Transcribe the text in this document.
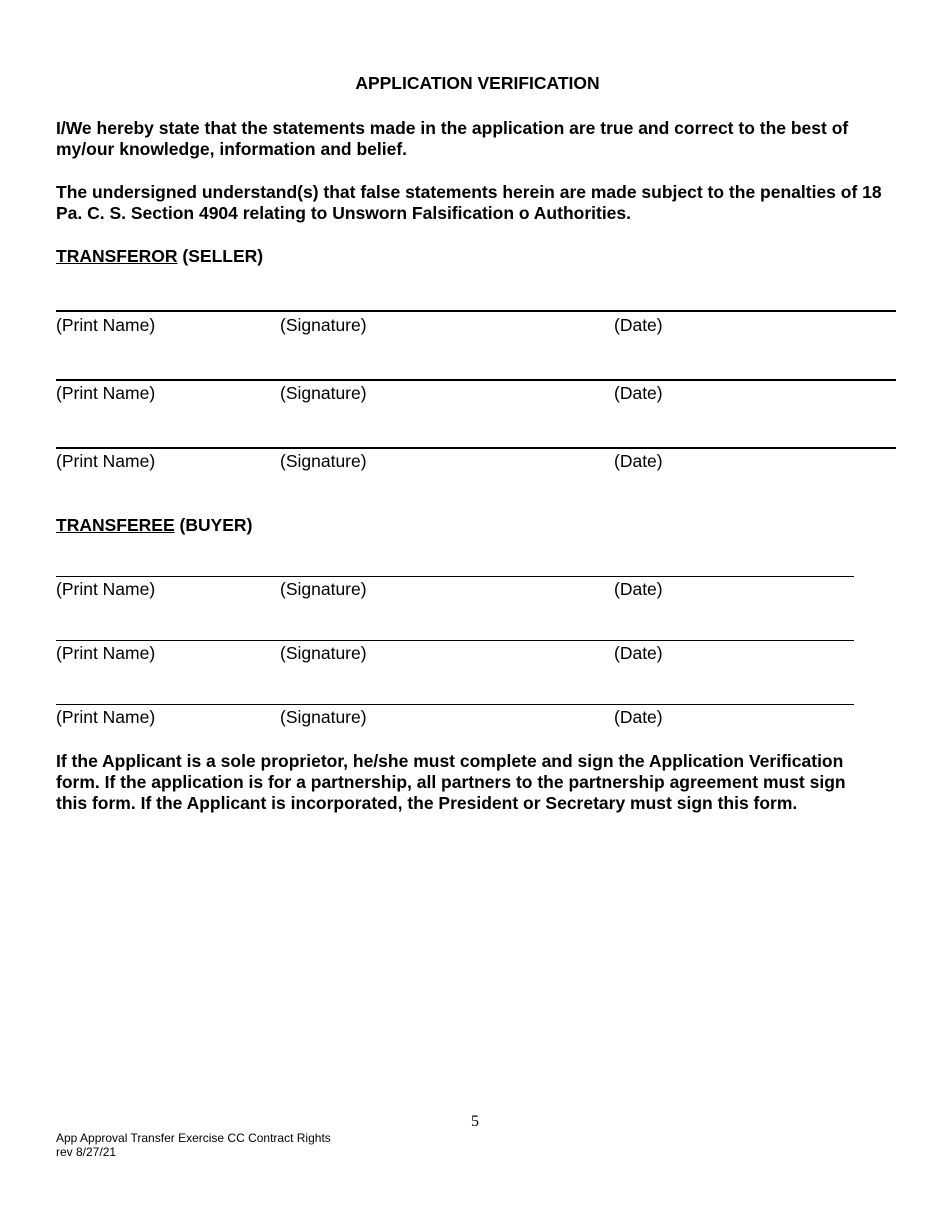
APPLICATION VERIFICATION

I/We hereby state that the statements made in the application are true and correct to the best of my/our knowledge, information and belief.

The undersigned understand(s) that false statements herein are made subject to the penalties of 18 Pa. C. S. Section 4904 relating to Unsworn Falsification o Authorities.

TRANSFEROR (SELLER)
(Print Name)	(Signature)	(Date)
(Print Name)	(Signature)	(Date)
(Print Name)	(Signature)	(Date)
TRANSFEREE (BUYER)
(Print Name)	(Signature)	(Date)
(Print Name)	(Signature)	(Date)
(Print Name)	(Signature)	(Date)

If the Applicant is a sole proprietor, he/she must complete and sign the Application Verification form. If the application is for a partnership, all partners to the partnership agreement must sign this form. If the Applicant is incorporated, the President or Secretary must sign this form.

5
App Approval Transfer Exercise CC Contract Rights
rev 8/27/21
